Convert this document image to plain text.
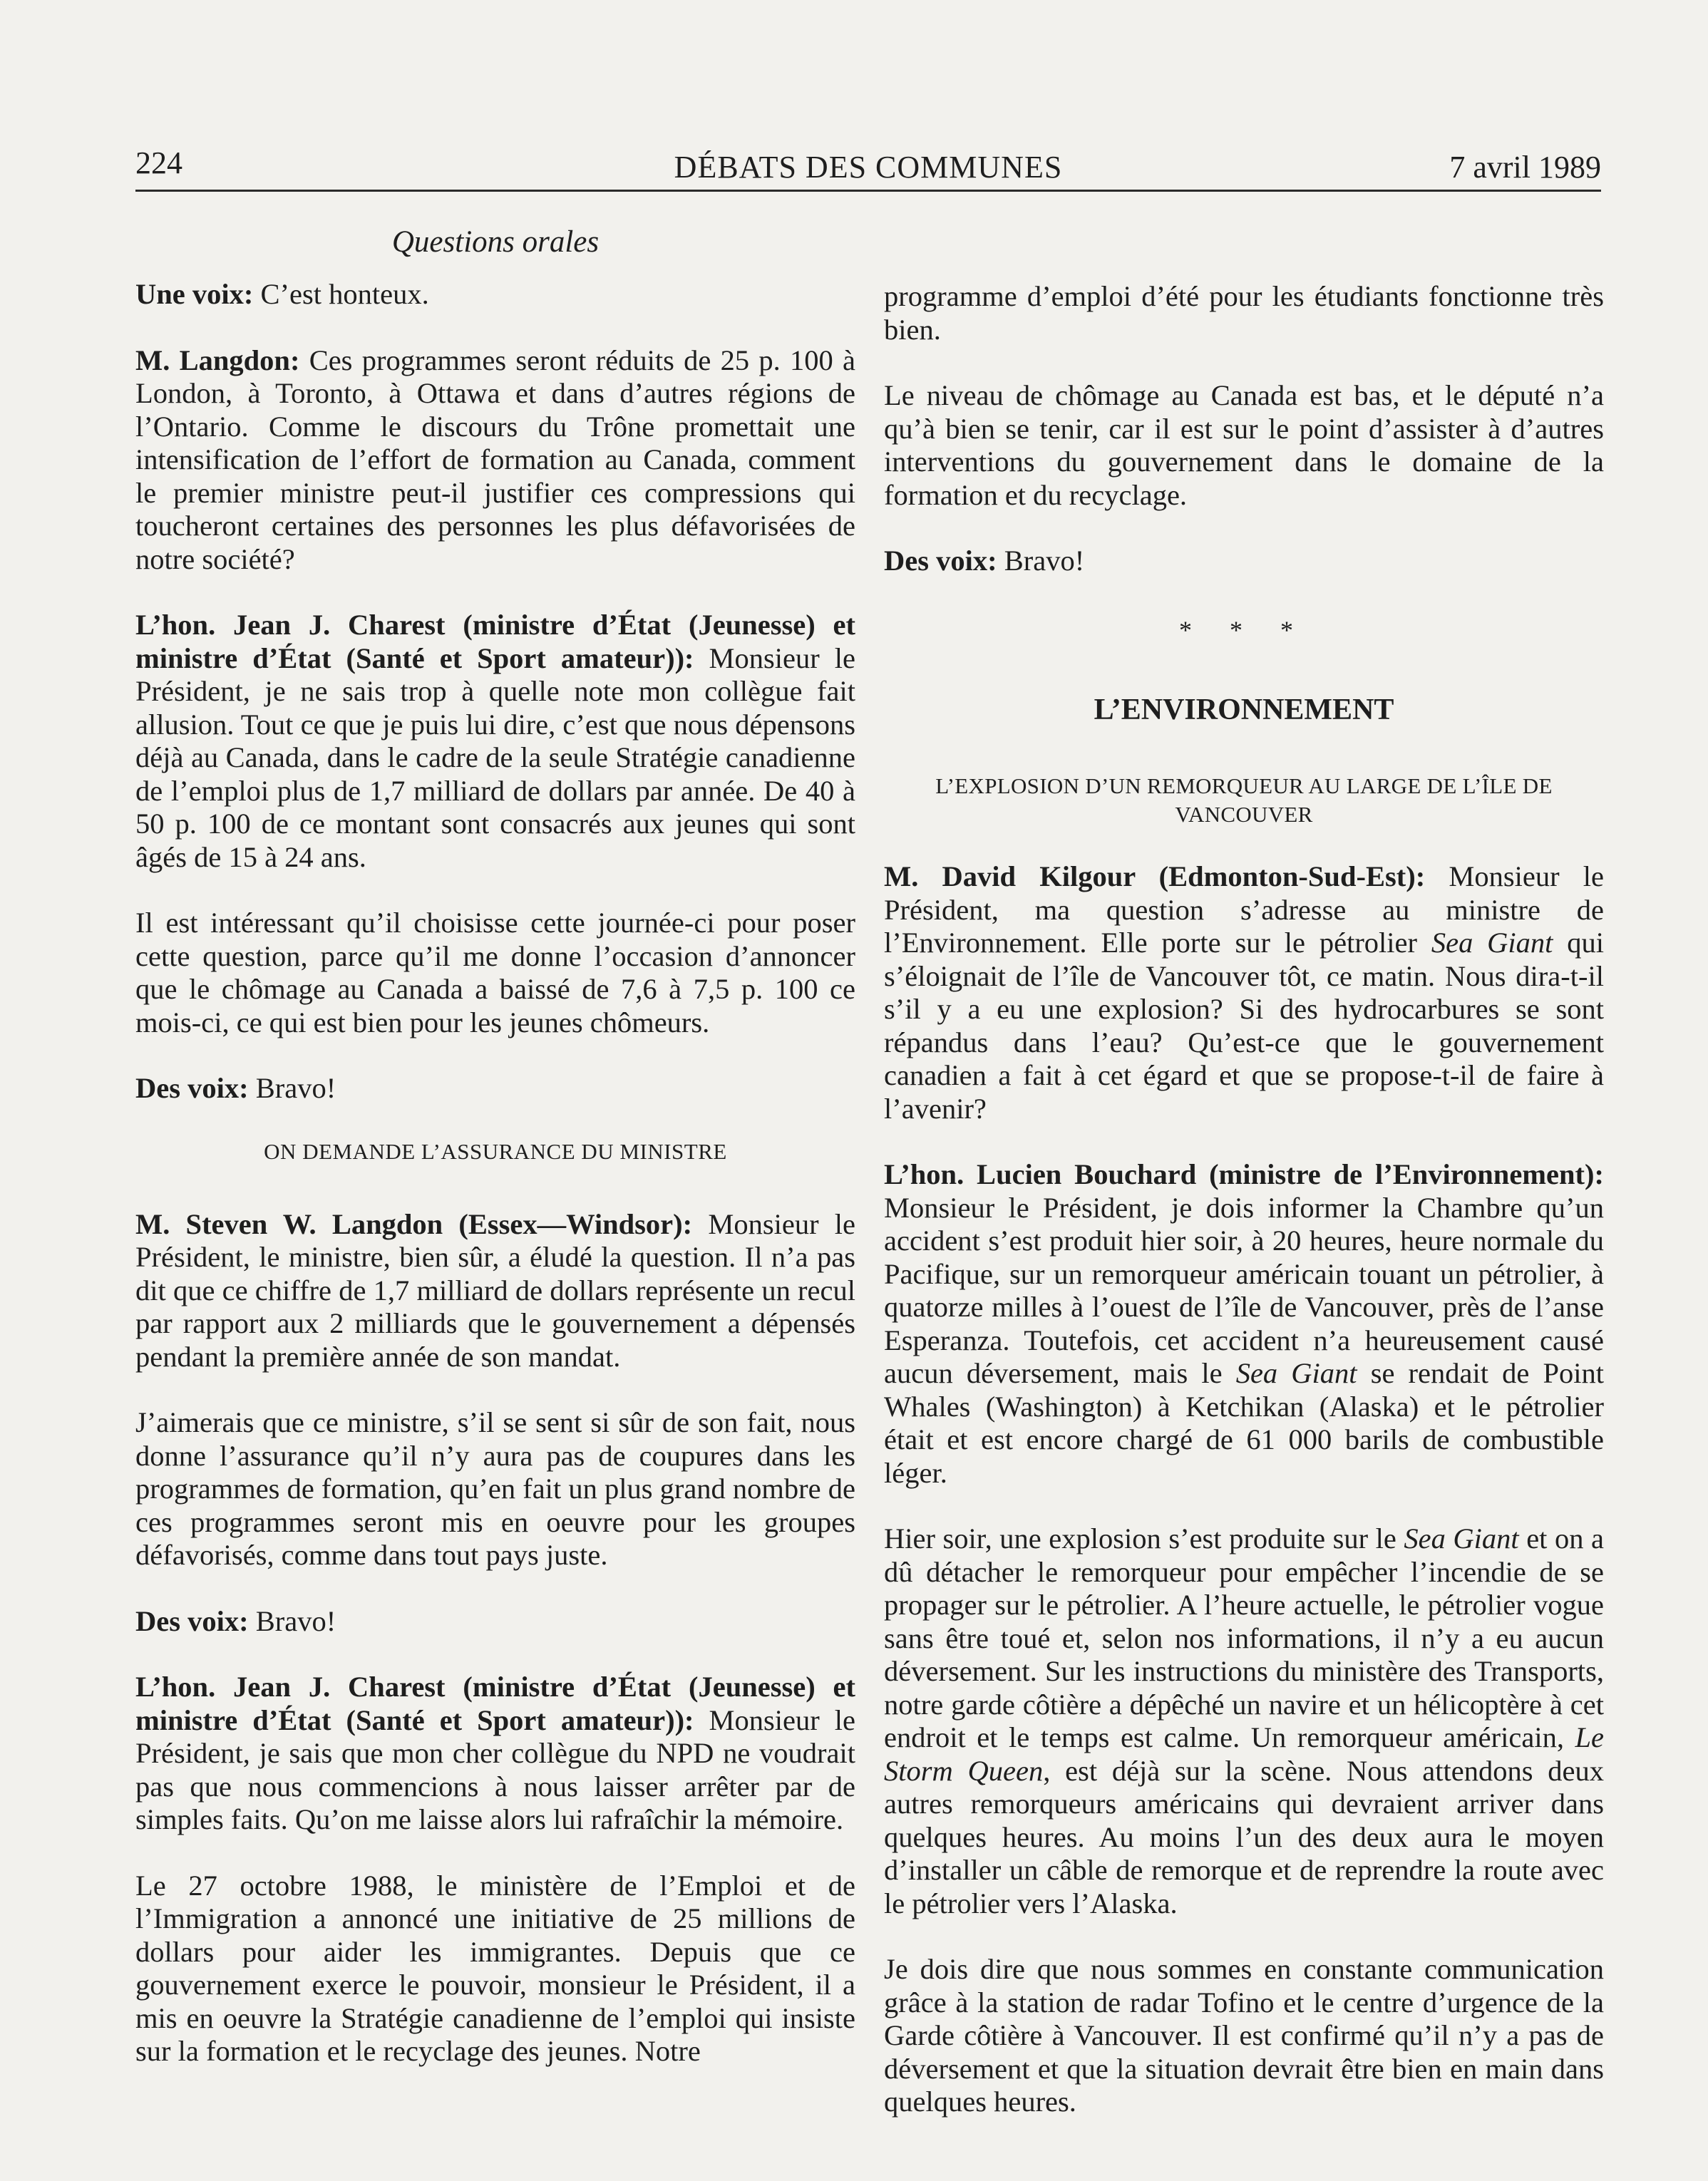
224	DÉBATS DES COMMUNES	7 avril 1989
Questions orales

Une voix: C’est honteux.

M. Langdon: Ces programmes seront réduits de 25 p. 100 à London, à Toronto, à Ottawa et dans d’autres régions de l’Ontario. Comme le discours du Trône promettait une intensification de l’effort de formation au Canada, comment le premier ministre peut-il justifier ces compressions qui toucheront certaines des personnes les plus défavorisées de notre société?

L’hon. Jean J. Charest (ministre d’État (Jeunesse) et ministre d’État (Santé et Sport amateur)): Monsieur le Président, je ne sais trop à quelle note mon collègue fait allusion. Tout ce que je puis lui dire, c’est que nous dépensons déjà au Canada, dans le cadre de la seule Stratégie canadienne de l’emploi plus de 1,7 milliard de dollars par année. De 40 à 50 p. 100 de ce montant sont consacrés aux jeunes qui sont âgés de 15 à 24 ans.

Il est intéressant qu’il choisisse cette journée-ci pour poser cette question, parce qu’il me donne l’occasion d’annoncer que le chômage au Canada a baissé de 7,6 à 7,5 p. 100 ce mois-ci, ce qui est bien pour les jeunes chômeurs.

Des voix: Bravo!

ON DEMANDE L’ASSURANCE DU MINISTRE

M. Steven W. Langdon (Essex—Windsor): Monsieur le Président, le ministre, bien sûr, a éludé la question. Il n’a pas dit que ce chiffre de 1,7 milliard de dollars représente un recul par rapport aux 2 milliards que le gouvernement a dépensés pendant la première année de son mandat.

J’aimerais que ce ministre, s’il se sent si sûr de son fait, nous donne l’assurance qu’il n’y aura pas de coupures dans les programmes de formation, qu’en fait un plus grand nombre de ces programmes seront mis en oeuvre pour les groupes défavorisés, comme dans tout pays juste.

Des voix: Bravo!

L’hon. Jean J. Charest (ministre d’État (Jeunesse) et ministre d’État (Santé et Sport amateur)): Monsieur le Président, je sais que mon cher collègue du NPD ne voudrait pas que nous commencions à nous laisser arrêter par de simples faits. Qu’on me laisse alors lui rafraîchir la mémoire.

Le 27 octobre 1988, le ministère de l’Emploi et de l’Immigration a annoncé une initiative de 25 millions de dollars pour aider les immigrantes. Depuis que ce gouvernement exerce le pouvoir, monsieur le Président, il a mis en oeuvre la Stratégie canadienne de l’emploi qui insiste sur la formation et le recyclage des jeunes. Notre

programme d’emploi d’été pour les étudiants fonctionne très bien.

Le niveau de chômage au Canada est bas, et le député n’a qu’à bien se tenir, car il est sur le point d’assister à d’autres interventions du gouvernement dans le domaine de la formation et du recyclage.

Des voix: Bravo!

* * *
L’ENVIRONNEMENT
L’EXPLOSION D’UN REMORQUEUR AU LARGE DE L’ÎLE DE VANCOUVER

M. David Kilgour (Edmonton-Sud-Est): Monsieur le Président, ma question s’adresse au ministre de l’Environnement. Elle porte sur le pétrolier Sea Giant qui s’éloignait de l’île de Vancouver tôt, ce matin. Nous dira-t-il s’il y a eu une explosion? Si des hydrocarbures se sont répandus dans l’eau? Qu’est-ce que le gouvernement canadien a fait à cet égard et que se propose-t-il de faire à l’avenir?

L’hon. Lucien Bouchard (ministre de l’Environnement): Monsieur le Président, je dois informer la Chambre qu’un accident s’est produit hier soir, à 20 heures, heure normale du Pacifique, sur un remorqueur américain touant un pétrolier, à quatorze milles à l’ouest de l’île de Vancouver, près de l’anse Esperanza. Toutefois, cet accident n’a heureusement causé aucun déversement, mais le Sea Giant se rendait de Point Whales (Washington) à Ketchikan (Alaska) et le pétrolier était et est encore chargé de 61 000 barils de combustible léger.

Hier soir, une explosion s’est produite sur le Sea Giant et on a dû détacher le remorqueur pour empêcher l’incendie de se propager sur le pétrolier. A l’heure actuelle, le pétrolier vogue sans être toué et, selon nos informations, il n’y a eu aucun déversement. Sur les instructions du ministère des Transports, notre garde côtière a dépêché un navire et un hélicoptère à cet endroit et le temps est calme. Un remorqueur américain, Le Storm Queen, est déjà sur la scène. Nous attendons deux autres remorqueurs américains qui devraient arriver dans quelques heures. Au moins l’un des deux aura le moyen d’installer un câble de remorque et de reprendre la route avec le pétrolier vers l’Alaska.

Je dois dire que nous sommes en constante communication grâce à la station de radar Tofino et le centre d’urgence de la Garde côtière à Vancouver. Il est confirmé qu’il n’y a pas de déversement et que la situation devrait être bien en main dans quelques heures.
